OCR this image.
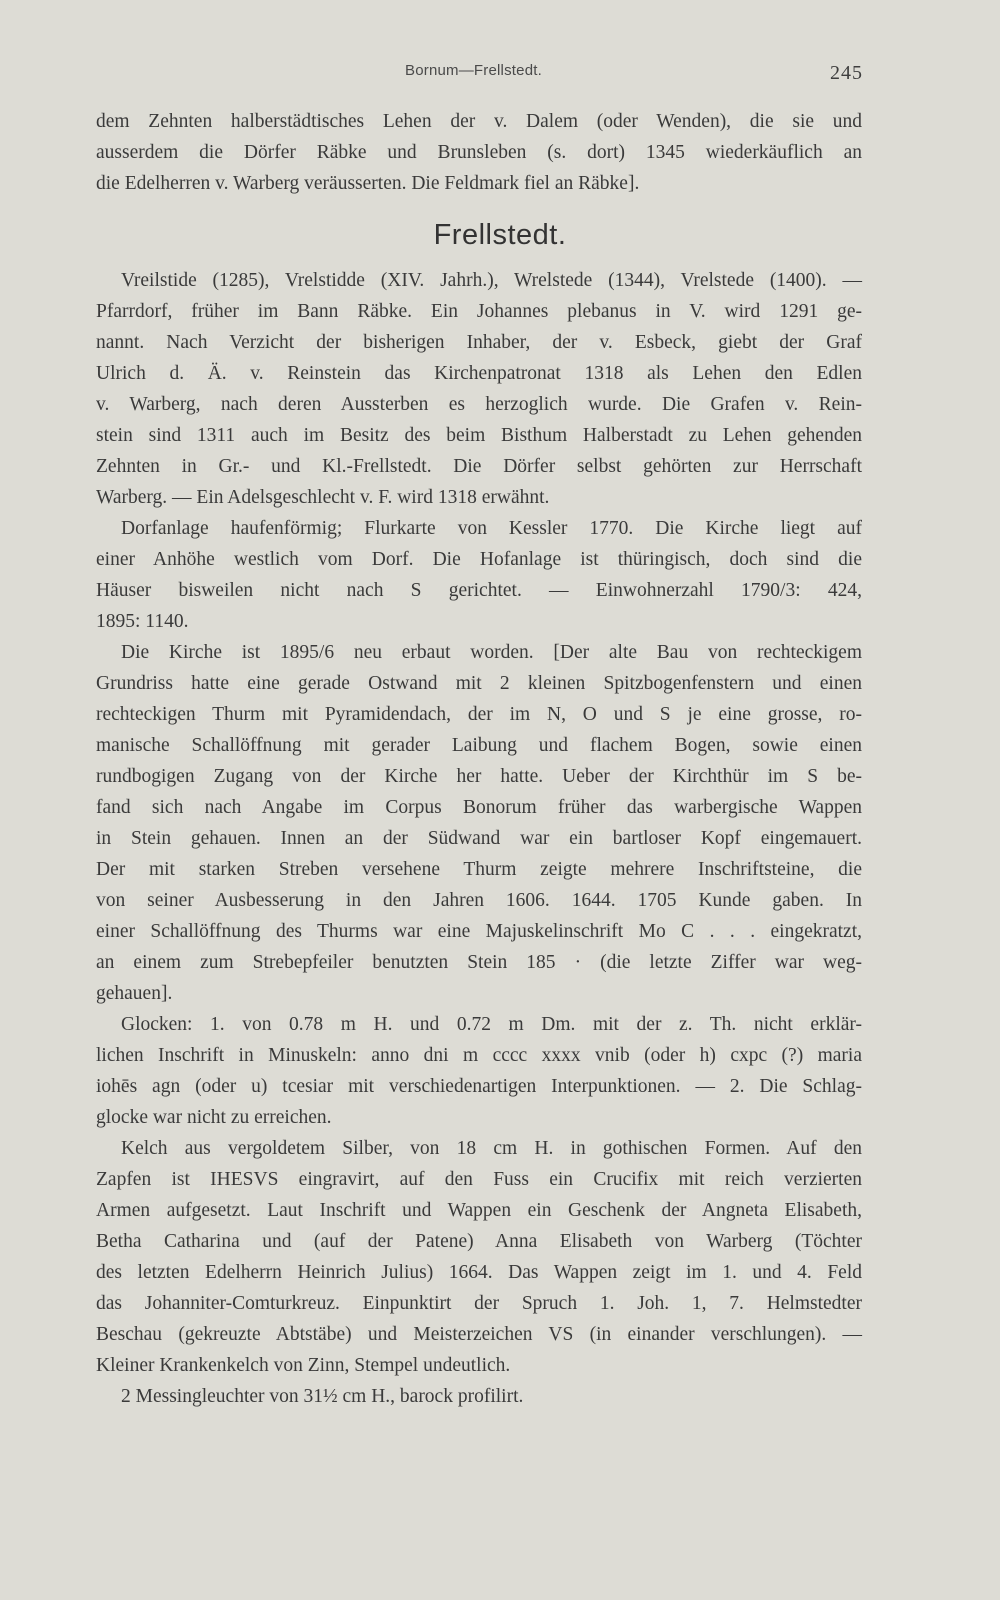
Bornum—Frellstedt.	245
dem Zehnten halberstädtisches Lehen der v. Dalem (oder Wenden), die sie und
ausserdem die Dörfer Räbke und Brunsleben (s. dort) 1345 wiederkäuflich an
die Edelherren v. Warberg veräusserten. Die Feldmark fiel an Räbke].
Frellstedt.
Vreilstide (1285), Vrelstidde (XIV. Jahrh.), Wrelstede (1344), Vrelstede (1400). —
Pfarrdorf, früher im Bann Räbke. Ein Johannes plebanus in V. wird 1291 ge-
nannt. Nach Verzicht der bisherigen Inhaber, der v. Esbeck, giebt der Graf
Ulrich d. Ä. v. Reinstein das Kirchenpatronat 1318 als Lehen den Edlen
v. Warberg, nach deren Aussterben es herzoglich wurde. Die Grafen v. Rein-
stein sind 1311 auch im Besitz des beim Bisthum Halberstadt zu Lehen gehenden
Zehnten in Gr.- und Kl.-Frellstedt. Die Dörfer selbst gehörten zur Herrschaft
Warberg. — Ein Adelsgeschlecht v. F. wird 1318 erwähnt.
Dorfanlage haufenförmig; Flurkarte von Kessler 1770. Die Kirche liegt auf
einer Anhöhe westlich vom Dorf. Die Hofanlage ist thüringisch, doch sind die
Häuser bisweilen nicht nach S gerichtet. — Einwohnerzahl 1790/3: 424,
1895: 1140.
Die Kirche ist 1895/6 neu erbaut worden. [Der alte Bau von rechteckigem
Grundriss hatte eine gerade Ostwand mit 2 kleinen Spitzbogenfenstern und einen
rechteckigen Thurm mit Pyramidendach, der im N, O und S je eine grosse, ro-
manische Schallöffnung mit gerader Laibung und flachem Bogen, sowie einen
rundbogigen Zugang von der Kirche her hatte. Ueber der Kirchthür im S be-
fand sich nach Angabe im Corpus Bonorum früher das warbergische Wappen
in Stein gehauen. Innen an der Südwand war ein bartloser Kopf eingemauert.
Der mit starken Streben versehene Thurm zeigte mehrere Inschriftsteine, die
von seiner Ausbesserung in den Jahren 1606. 1644. 1705 Kunde gaben. In
einer Schallöffnung des Thurms war eine Majuskelinschrift Mo C . . . eingekratzt,
an einem zum Strebepfeiler benutzten Stein 185 · (die letzte Ziffer war weg-
gehauen].
Glocken: 1. von 0.78 m H. und 0.72 m Dm. mit der z. Th. nicht erklär-
lichen Inschrift in Minuskeln: anno dni m cccc xxxx vnib (oder h) cxpc (?) maria
iohēs agn (oder u) tcesiar mit verschiedenartigen Interpunktionen. — 2. Die Schlag-
glocke war nicht zu erreichen.
Kelch aus vergoldetem Silber, von 18 cm H. in gothischen Formen. Auf den
Zapfen ist IHESVS eingravirt, auf den Fuss ein Crucifix mit reich verzierten
Armen aufgesetzt. Laut Inschrift und Wappen ein Geschenk der Angneta Elisabeth,
Betha Catharina und (auf der Patene) Anna Elisabeth von Warberg (Töchter
des letzten Edelherrn Heinrich Julius) 1664. Das Wappen zeigt im 1. und 4. Feld
das Johanniter-Comturkreuz. Einpunktirt der Spruch 1. Joh. 1, 7. Helmstedter
Beschau (gekreuzte Abtstäbe) und Meisterzeichen VS (in einander verschlungen). —
Kleiner Krankenkelch von Zinn, Stempel undeutlich.
2 Messingleuchter von 31½ cm H., barock profilirt.
